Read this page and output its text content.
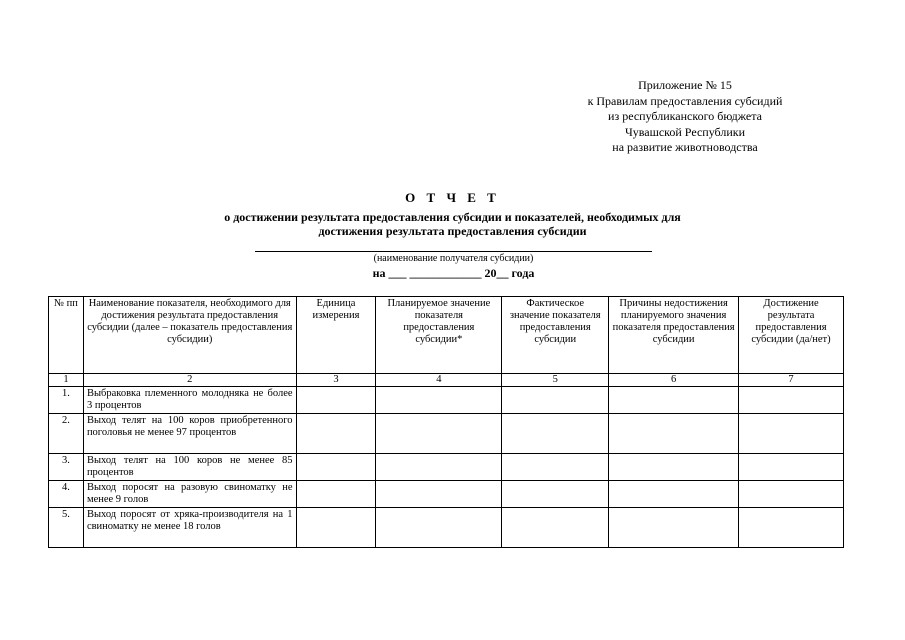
Приложение № 15
к Правилам предоставления субсидий
из республиканского бюджета
Чувашской Республики
на развитие животноводства
О Т Ч Е Т
о достижении результата предоставления субсидии и показателей, необходимых для
достижения результата предоставления субсидии
(наименование получателя субсидии)
на ___ ____________ 20__ года
№ пп	Наименование показателя, необходимого для достижения результата предоставления субсидии (далее – показатель предоставления субсидии)	Единица измерения	Планируемое значение показателя предоставления субсидии*	Фактическое значение показателя предоставления субсидии	Причины недостижения планируемого значения показателя предоставления субсидии	Достижение результата предоставления субсидии (да/нет)
1	2	3	4	5	6	7
1.	Выбраковка племенного молодняка не более 3 процентов					
2.	Выход телят на 100 коров приобретенного поголовья не менее 97 процентов					
3.	Выход телят на 100 коров не менее 85 процентов					
4.	Выход поросят на разовую свиноматку не менее 9 голов					
5.	Выход поросят от хряка-производителя на 1 свиноматку не менее 18 голов					
